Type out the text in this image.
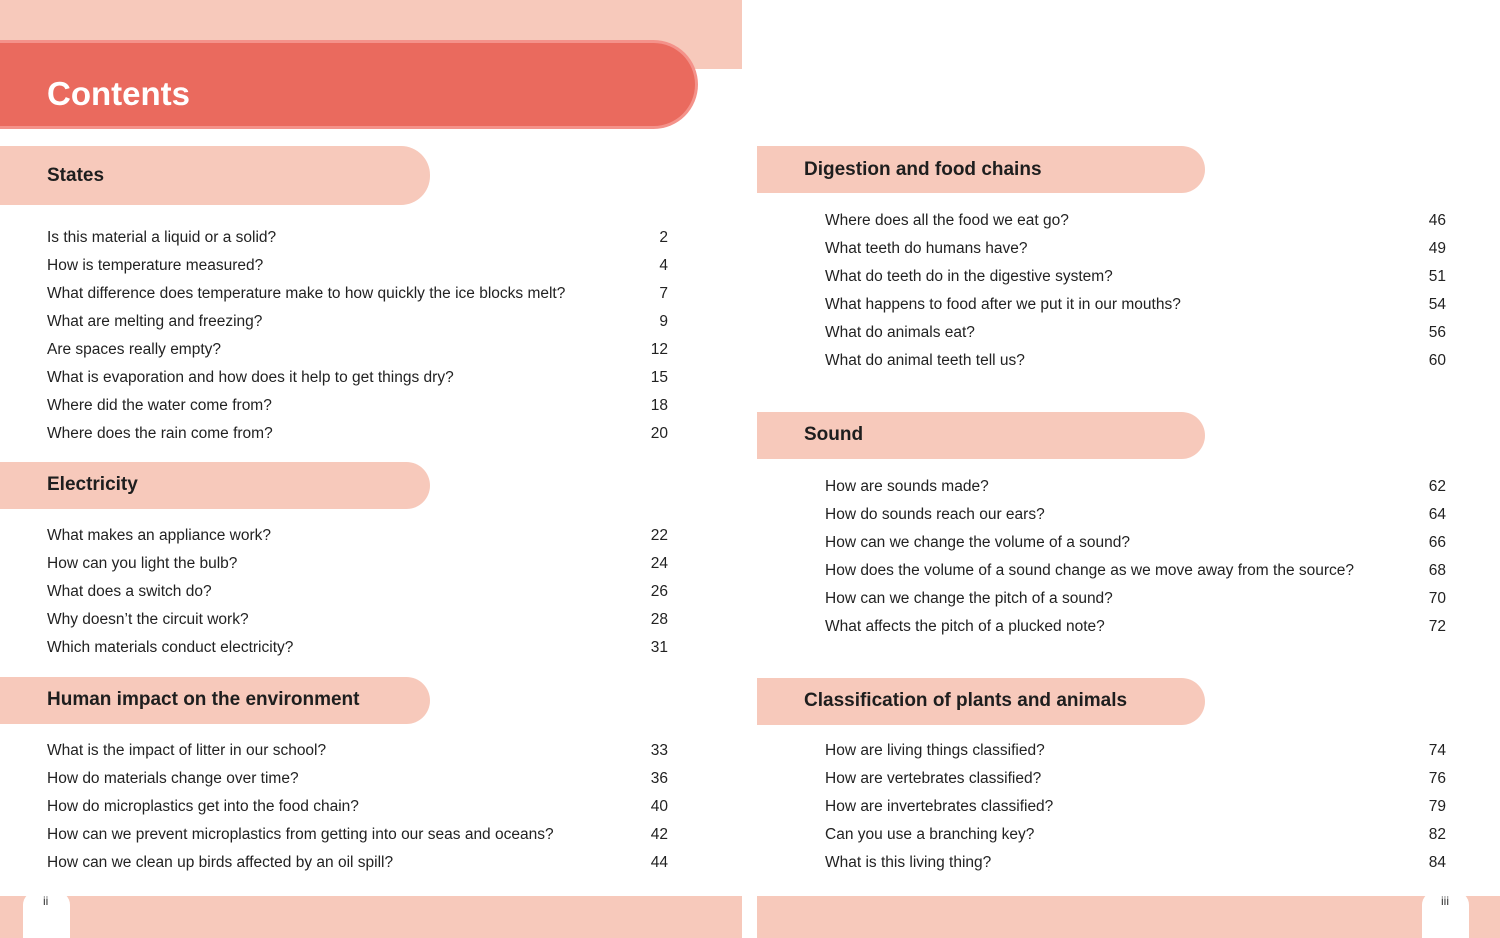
Contents
States
Is this material a liquid or a solid?	2
How is temperature measured?	4
What difference does temperature make to how quickly the ice blocks melt?	7
What are melting and freezing?	9
Are spaces really empty?	12
What is evaporation and how does it help to get things dry?	15
Where did the water come from?	18
Where does the rain come from?	20
Electricity
What makes an appliance work?	22
How can you light the bulb?	24
What does a switch do?	26
Why doesn’t the circuit work?	28
Which materials conduct electricity?	31
Human impact on the environment
What is the impact of litter in our school?	33
How do materials change over time?	36
How do microplastics get into the food chain?	40
How can we prevent microplastics from getting into our seas and oceans?	42
How can we clean up birds affected by an oil spill?	44
ii
Digestion and food chains
Where does all the food we eat go?	46
What teeth do humans have?	49
What do teeth do in the digestive system?	51
What happens to food after we put it in our mouths?	54
What do animals eat?	56
What do animal teeth tell us?	60
Sound
How are sounds made?	62
How do sounds reach our ears?	64
How can we change the volume of a sound?	66
How does the volume of a sound change as we move away from the source?	68
How can we change the pitch of a sound?	70
What affects the pitch of a plucked note?	72
Classification of plants and animals
How are living things classified?	74
How are vertebrates classified?	76
How are invertebrates classified?	79
Can you use a branching key?	82
What is this living thing?	84
iii
